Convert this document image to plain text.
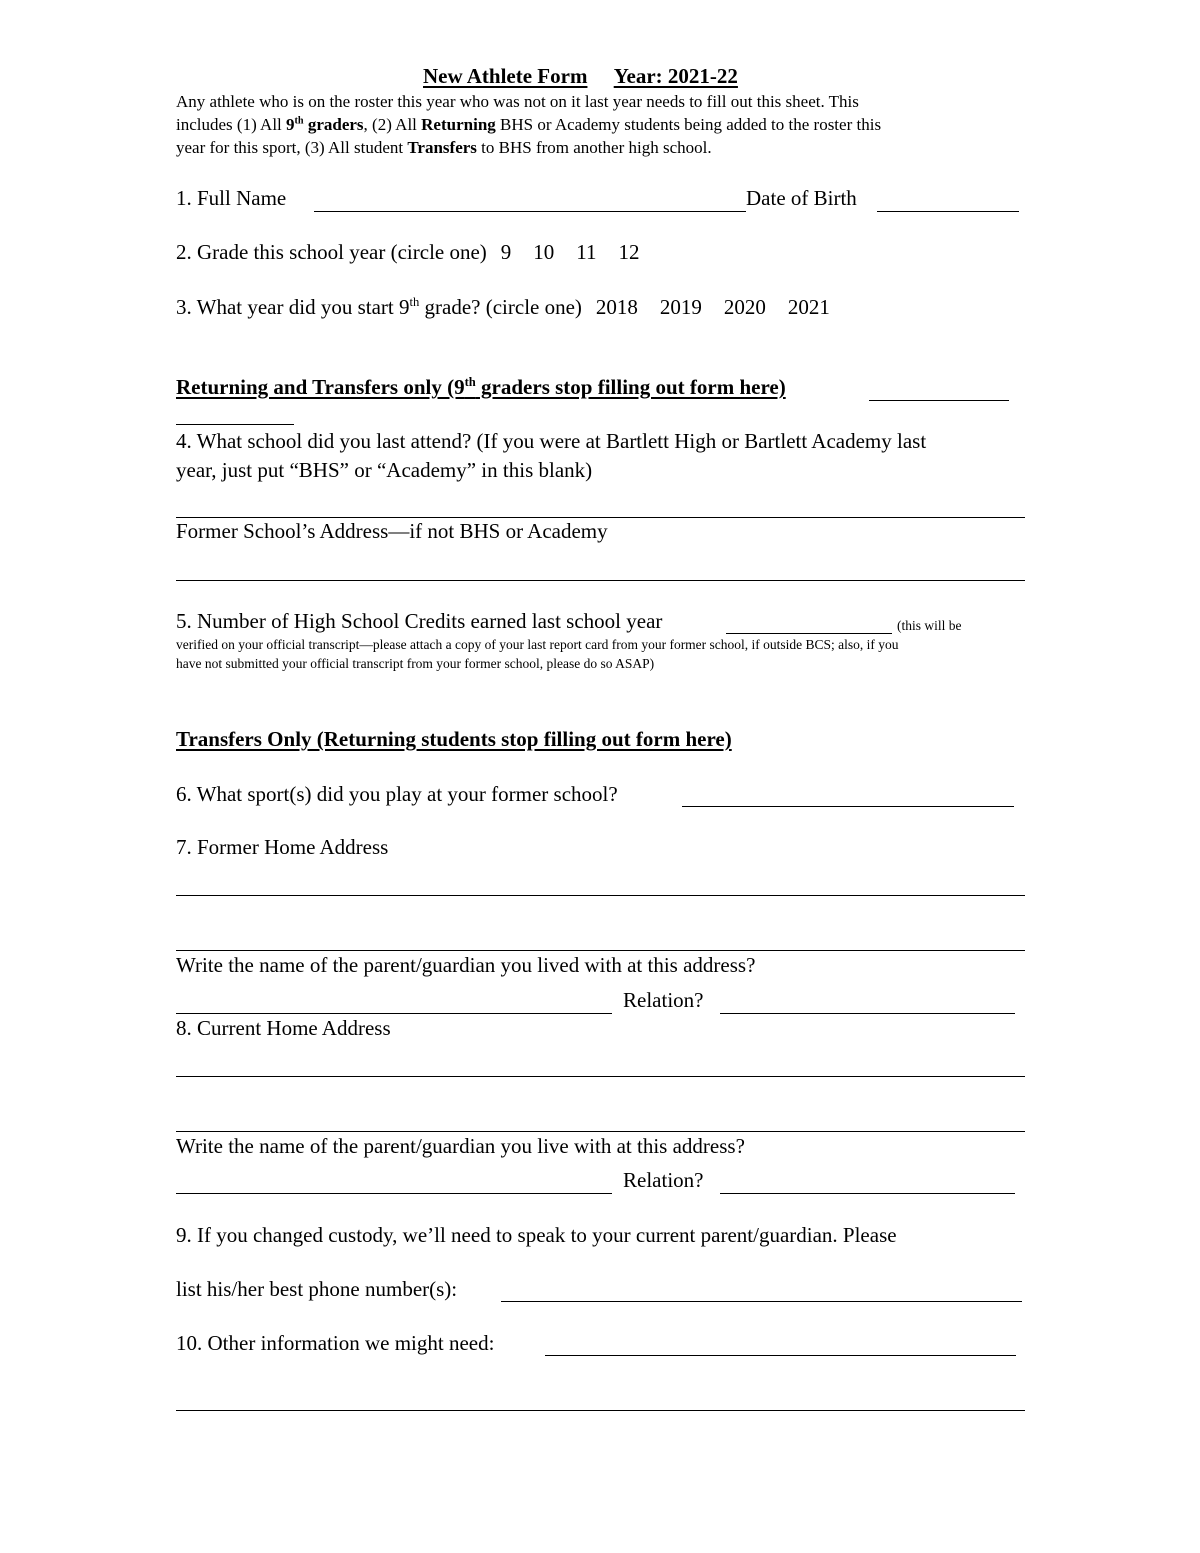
New Athlete Form Year: 2021-22
Any athlete who is on the roster this year who was not on it last year needs to fill out this sheet. This
includes (1) All 9th graders, (2) All Returning BHS or Academy students being added to the roster this
year for this sport, (3) All student Transfers to BHS from another high school.
1. Full Name	Date of Birth
2. Grade this school year (circle one) 9 10 11 12
3. What year did you start 9th grade? (circle one) 2018 2019 2020 2021
Returning and Transfers only (9th graders stop filling out form here)
4. What school did you last attend? (If you were at Bartlett High or Bartlett Academy last
year, just put “BHS” or “Academy” in this blank)
Former School’s Address—if not BHS or Academy
5. Number of High School Credits earned last school year	(this will be
verified on your official transcript—please attach a copy of your last report card from your former school, if outside BCS; also, if you
have not submitted your official transcript from your former school, please do so ASAP)
Transfers Only (Returning students stop filling out form here)
6. What sport(s) did you play at your former school?
7. Former Home Address
Write the name of the parent/guardian you lived with at this address?
Relation?
8. Current Home Address
Write the name of the parent/guardian you live with at this address?
Relation?
9. If you changed custody, we’ll need to speak to your current parent/guardian. Please
list his/her best phone number(s):
10. Other information we might need:
